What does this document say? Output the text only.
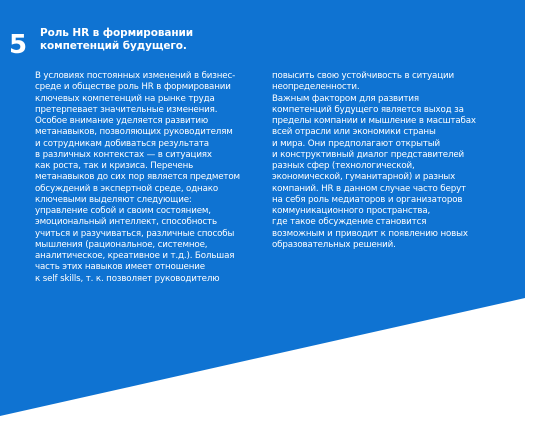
5	Роль HR в формировании
компетенций будущего.
В условиях постоянных изменений в бизнес-
среде и обществе роль HR в формировании
ключевых компетенций на рынке труда
претерпевает значительные изменения.
Особое внимание уделяется развитию
метанавыков, позволяющих руководителям
и сотрудникам добиваться результата
в различных контекстах — в ситуациях
как роста, так и кризиса. Перечень
метанавыков до сих пор является предметом
обсуждений в экспертной среде, однако
ключевыми выделяют следующие:
управление собой и своим состоянием,
эмоциональный интеллект, способность
учиться и разучиваться, различные способы
мышления (рациональное, системное,
аналитическое, креативное и т.д.). Большая
часть этих навыков имеет отношение
к self skills, т. к. позволяет руководителю
повысить свою устойчивость в ситуации
неопределенности.
Важным фактором для развития
компетенций будущего является выход за
пределы компании и мышление в масштабах
всей отрасли или экономики страны
и мира. Они предполагают открытый
и конструктивный диалог представителей
разных сфер (технологической,
экономической, гуманитарной) и разных
компаний. HR в данном случае часто берут
на себя роль медиаторов и организаторов
коммуникационного пространства,
где такое обсуждение становится
возможным и приводит к появлению новых
образовательных решений.
